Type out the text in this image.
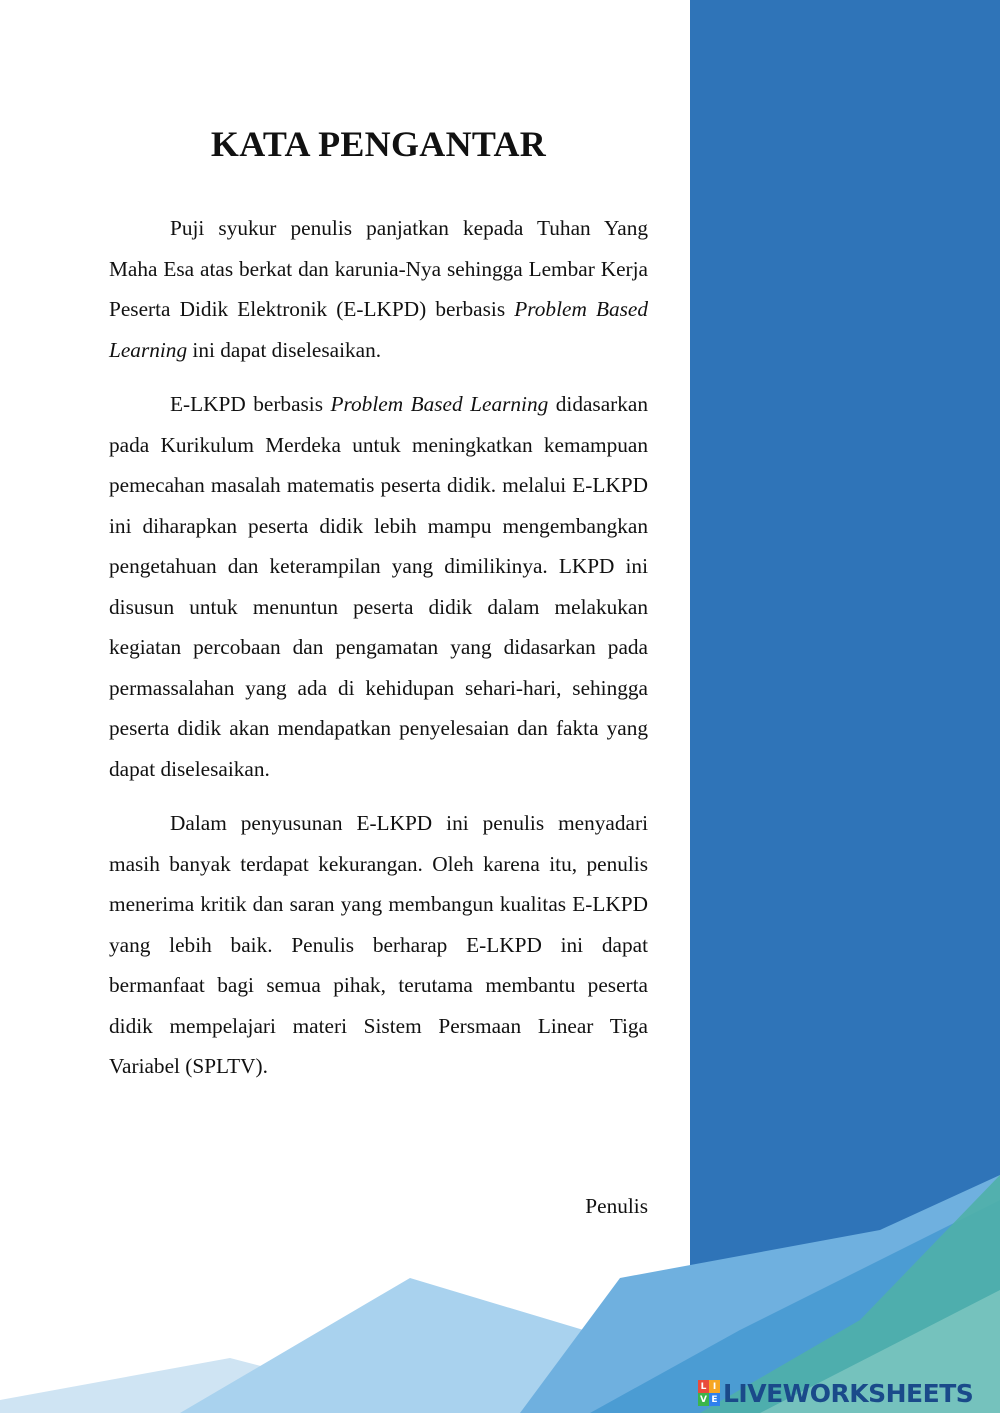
KATA PENGANTAR

Puji syukur penulis panjatkan kepada Tuhan Yang Maha Esa atas berkat dan karunia-Nya sehingga Lembar Kerja Peserta Didik Elektronik (E-LKPD) berbasis Problem Based Learning ini dapat diselesaikan.

E-LKPD berbasis Problem Based Learning didasarkan pada Kurikulum Merdeka untuk meningkatkan kemampuan pemecahan masalah matematis peserta didik. melalui E-LKPD ini diharapkan peserta didik lebih mampu mengembangkan pengetahuan dan keterampilan yang dimilikinya. LKPD ini disusun untuk menuntun peserta didik dalam melakukan kegiatan percobaan dan pengamatan yang didasarkan pada permassalahan yang ada di kehidupan sehari-hari, sehingga peserta didik akan mendapatkan penyelesaian dan fakta yang dapat diselesaikan.

Dalam penyusunan E-LKPD ini penulis menyadari masih banyak terdapat kekurangan. Oleh karena itu, penulis menerima kritik dan saran yang membangun kualitas E-LKPD yang lebih baik. Penulis berharap E-LKPD ini dapat bermanfaat bagi semua pihak, terutama membantu peserta didik mempelajari materi Sistem Persmaan Linear Tiga Variabel (SPLTV).

Penulis
L I
V E LIVEWORKSHEETS
